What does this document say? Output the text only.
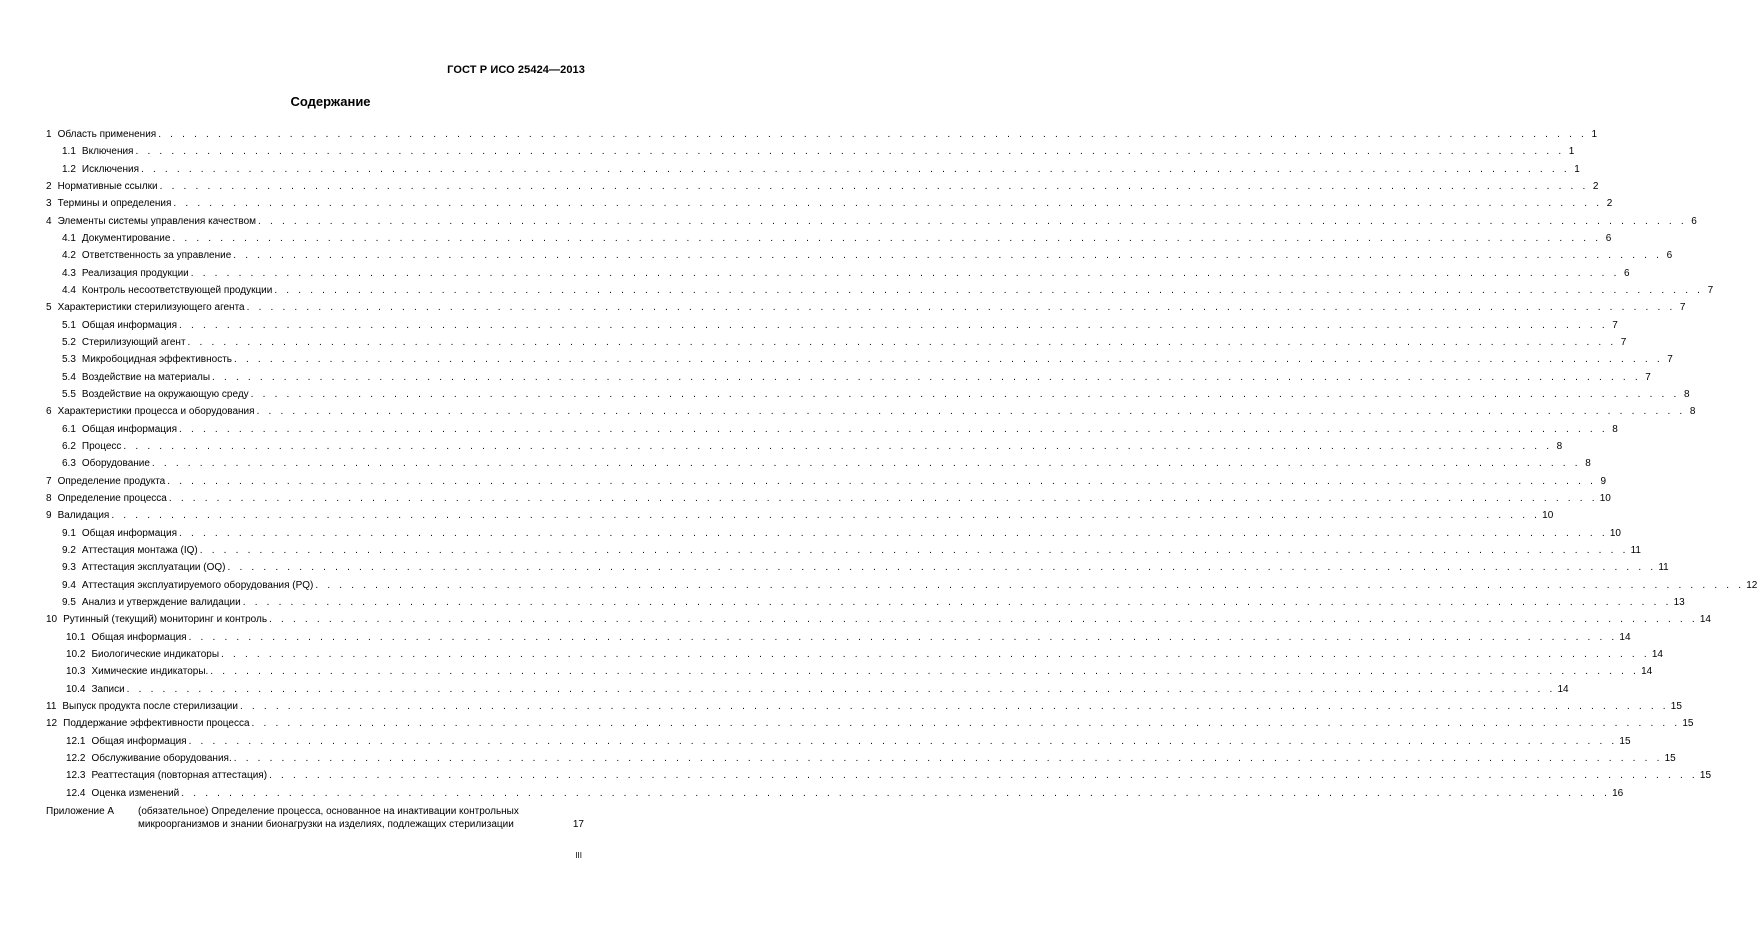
ГОСТ Р ИСО 25424—2013
Содержание
1 Область применения . . . . . . . . . . . . . . . . . . . . . . . . . . . . . . . . . . . . . . . . . . . . . . . . . . . . . . . . . . . . . . . . . . . . . . . . . . . . . . . . . . . . . . . . . . . . . . . . . . . . . . . . . . . . . . . . . . . . . . . . 1
1.1 Включения . . . . . . . . . . . . . . . . . . . . . . . . . . . . . . . . . . . . . . . . . . . . . . . . . . . . . . . . . . . . . . . . . . . . . . . . . . . . . . . . . . . . . . . . . . . . . . . . . . . . . . . . . . . . . . . . . . . . . . . . 1
1.2 Исключения . . . . . . . . . . . . . . . . . . . . . . . . . . . . . . . . . . . . . . . . . . . . . . . . . . . . . . . . . . . . . . . . . . . . . . . . . . . . . . . . . . . . . . . . . . . . . . . . . . . . . . . . . . . . . . . . . . . . . . . . 1
2 Нормативные ссылки . . . . . . . . . . . . . . . . . . . . . . . . . . . . . . . . . . . . . . . . . . . . . . . . . . . . . . . . . . . . . . . . . . . . . . . . . . . . . . . . . . . . . . . . . . . . . . . . . . . . . . . . . . . . . . . . . . . . . . . . 2
3 Термины и определения . . . . . . . . . . . . . . . . . . . . . . . . . . . . . . . . . . . . . . . . . . . . . . . . . . . . . . . . . . . . . . . . . . . . . . . . . . . . . . . . . . . . . . . . . . . . . . . . . . . . . . . . . . . . . . . . . . . . . . . . 2
4 Элементы системы управления качеством . . . . . . . . . . . . . . . . . . . . . . . . . . . . . . . . . . . . . . . . . . . . . . . . . . . . . . . . . . . . . . . . . . . . . . . . . . . . . . . . . . . . . . . . . . . . . . . . . . . . . . . . . . . . . . . . . . . . . . . . 6
4.1 Документирование . . . . . . . . . . . . . . . . . . . . . . . . . . . . . . . . . . . . . . . . . . . . . . . . . . . . . . . . . . . . . . . . . . . . . . . . . . . . . . . . . . . . . . . . . . . . . . . . . . . . . . . . . . . . . . . . . . . . . . . . 6
4.2 Ответственность за управление . . . . . . . . . . . . . . . . . . . . . . . . . . . . . . . . . . . . . . . . . . . . . . . . . . . . . . . . . . . . . . . . . . . . . . . . . . . . . . . . . . . . . . . . . . . . . . . . . . . . . . . . . . . . . . . . . . . . . . . . 6
4.3 Реализация продукции . . . . . . . . . . . . . . . . . . . . . . . . . . . . . . . . . . . . . . . . . . . . . . . . . . . . . . . . . . . . . . . . . . . . . . . . . . . . . . . . . . . . . . . . . . . . . . . . . . . . . . . . . . . . . . . . . . . . . . . . 6
4.4 Контроль несоответствующей продукции . . . . . . . . . . . . . . . . . . . . . . . . . . . . . . . . . . . . . . . . . . . . . . . . . . . . . . . . . . . . . . . . . . . . . . . . . . . . . . . . . . . . . . . . . . . . . . . . . . . . . . . . . . . . . . . . . . . . . . . . 7
5 Характеристики стерилизующего агента . . . . . . . . . . . . . . . . . . . . . . . . . . . . . . . . . . . . . . . . . . . . . . . . . . . . . . . . . . . . . . . . . . . . . . . . . . . . . . . . . . . . . . . . . . . . . . . . . . . . . . . . . . . . . . . . . . . . . . . . 7
5.1 Общая информация . . . . . . . . . . . . . . . . . . . . . . . . . . . . . . . . . . . . . . . . . . . . . . . . . . . . . . . . . . . . . . . . . . . . . . . . . . . . . . . . . . . . . . . . . . . . . . . . . . . . . . . . . . . . . . . . . . . . . . . . 7
5.2 Стерилизующий агент . . . . . . . . . . . . . . . . . . . . . . . . . . . . . . . . . . . . . . . . . . . . . . . . . . . . . . . . . . . . . . . . . . . . . . . . . . . . . . . . . . . . . . . . . . . . . . . . . . . . . . . . . . . . . . . . . . . . . . . . 7
5.3 Микробоцидная эффективность . . . . . . . . . . . . . . . . . . . . . . . . . . . . . . . . . . . . . . . . . . . . . . . . . . . . . . . . . . . . . . . . . . . . . . . . . . . . . . . . . . . . . . . . . . . . . . . . . . . . . . . . . . . . . . . . . . . . . . . . 7
5.4 Воздействие на материалы . . . . . . . . . . . . . . . . . . . . . . . . . . . . . . . . . . . . . . . . . . . . . . . . . . . . . . . . . . . . . . . . . . . . . . . . . . . . . . . . . . . . . . . . . . . . . . . . . . . . . . . . . . . . . . . . . . . . . . . . 7
5.5 Воздействие на окружающую среду . . . . . . . . . . . . . . . . . . . . . . . . . . . . . . . . . . . . . . . . . . . . . . . . . . . . . . . . . . . . . . . . . . . . . . . . . . . . . . . . . . . . . . . . . . . . . . . . . . . . . . . . . . . . . . . . . . . . . . . . 8
6 Характеристики процесса и оборудования . . . . . . . . . . . . . . . . . . . . . . . . . . . . . . . . . . . . . . . . . . . . . . . . . . . . . . . . . . . . . . . . . . . . . . . . . . . . . . . . . . . . . . . . . . . . . . . . . . . . . . . . . . . . . . . . . . . . . . . . 8
6.1 Общая информация . . . . . . . . . . . . . . . . . . . . . . . . . . . . . . . . . . . . . . . . . . . . . . . . . . . . . . . . . . . . . . . . . . . . . . . . . . . . . . . . . . . . . . . . . . . . . . . . . . . . . . . . . . . . . . . . . . . . . . . . 8
6.2 Процесс . . . . . . . . . . . . . . . . . . . . . . . . . . . . . . . . . . . . . . . . . . . . . . . . . . . . . . . . . . . . . . . . . . . . . . . . . . . . . . . . . . . . . . . . . . . . . . . . . . . . . . . . . . . . . . . . . . . . . . . . 8
6.3 Оборудование . . . . . . . . . . . . . . . . . . . . . . . . . . . . . . . . . . . . . . . . . . . . . . . . . . . . . . . . . . . . . . . . . . . . . . . . . . . . . . . . . . . . . . . . . . . . . . . . . . . . . . . . . . . . . . . . . . . . . . . . 8
7 Определение продукта . . . . . . . . . . . . . . . . . . . . . . . . . . . . . . . . . . . . . . . . . . . . . . . . . . . . . . . . . . . . . . . . . . . . . . . . . . . . . . . . . . . . . . . . . . . . . . . . . . . . . . . . . . . . . . . . . . . . . . . . 9
8 Определение процесса . . . . . . . . . . . . . . . . . . . . . . . . . . . . . . . . . . . . . . . . . . . . . . . . . . . . . . . . . . . . . . . . . . . . . . . . . . . . . . . . . . . . . . . . . . . . . . . . . . . . . . . . . . . . . . . . . . . . . . . . 10
9 Валидация . . . . . . . . . . . . . . . . . . . . . . . . . . . . . . . . . . . . . . . . . . . . . . . . . . . . . . . . . . . . . . . . . . . . . . . . . . . . . . . . . . . . . . . . . . . . . . . . . . . . . . . . . . . . . . . . . . . . . . . . 10
9.1 Общая информация . . . . . . . . . . . . . . . . . . . . . . . . . . . . . . . . . . . . . . . . . . . . . . . . . . . . . . . . . . . . . . . . . . . . . . . . . . . . . . . . . . . . . . . . . . . . . . . . . . . . . . . . . . . . . . . . . . . . . . . . 10
9.2 Аттестация монтажа (IQ) . . . . . . . . . . . . . . . . . . . . . . . . . . . . . . . . . . . . . . . . . . . . . . . . . . . . . . . . . . . . . . . . . . . . . . . . . . . . . . . . . . . . . . . . . . . . . . . . . . . . . . . . . . . . . . . . . . . . . . . . 11
9.3 Аттестация эксплуатации (OQ) . . . . . . . . . . . . . . . . . . . . . . . . . . . . . . . . . . . . . . . . . . . . . . . . . . . . . . . . . . . . . . . . . . . . . . . . . . . . . . . . . . . . . . . . . . . . . . . . . . . . . . . . . . . . . . . . . . . . . . . . 11
9.4 Аттестация эксплуатируемого оборудования (PQ) . . . . . . . . . . . . . . . . . . . . . . . . . . . . . . . . . . . . . . . . . . . . . . . . . . . . . . . . . . . . . . . . . . . . . . . . . . . . . . . . . . . . . . . . . . . . . . . . . . . . . . . . . . . . . . . . . . . . . . . . 12
9.5 Анализ и утверждение валидации . . . . . . . . . . . . . . . . . . . . . . . . . . . . . . . . . . . . . . . . . . . . . . . . . . . . . . . . . . . . . . . . . . . . . . . . . . . . . . . . . . . . . . . . . . . . . . . . . . . . . . . . . . . . . . . . . . . . . . . . 13
10 Рутинный (текущий) мониторинг и контроль . . . . . . . . . . . . . . . . . . . . . . . . . . . . . . . . . . . . . . . . . . . . . . . . . . . . . . . . . . . . . . . . . . . . . . . . . . . . . . . . . . . . . . . . . . . . . . . . . . . . . . . . . . . . . . . . . . . . . . . . 14
10.1 Общая информация . . . . . . . . . . . . . . . . . . . . . . . . . . . . . . . . . . . . . . . . . . . . . . . . . . . . . . . . . . . . . . . . . . . . . . . . . . . . . . . . . . . . . . . . . . . . . . . . . . . . . . . . . . . . . . . . . . . . . . . . 14
10.2 Биологические индикаторы . . . . . . . . . . . . . . . . . . . . . . . . . . . . . . . . . . . . . . . . . . . . . . . . . . . . . . . . . . . . . . . . . . . . . . . . . . . . . . . . . . . . . . . . . . . . . . . . . . . . . . . . . . . . . . . . . . . . . . . . 14
10.3 Химические индикаторы. . . . . . . . . . . . . . . . . . . . . . . . . . . . . . . . . . . . . . . . . . . . . . . . . . . . . . . . . . . . . . . . . . . . . . . . . . . . . . . . . . . . . . . . . . . . . . . . . . . . . . . . . . . . . . . . . . . . . . . . . 14
10.4 Записи . . . . . . . . . . . . . . . . . . . . . . . . . . . . . . . . . . . . . . . . . . . . . . . . . . . . . . . . . . . . . . . . . . . . . . . . . . . . . . . . . . . . . . . . . . . . . . . . . . . . . . . . . . . . . . . . . . . . . . . . 14
11 Выпуск продукта после стерилизации . . . . . . . . . . . . . . . . . . . . . . . . . . . . . . . . . . . . . . . . . . . . . . . . . . . . . . . . . . . . . . . . . . . . . . . . . . . . . . . . . . . . . . . . . . . . . . . . . . . . . . . . . . . . . . . . . . . . . . . . 15
12 Поддержание эффективности процесса . . . . . . . . . . . . . . . . . . . . . . . . . . . . . . . . . . . . . . . . . . . . . . . . . . . . . . . . . . . . . . . . . . . . . . . . . . . . . . . . . . . . . . . . . . . . . . . . . . . . . . . . . . . . . . . . . . . . . . . . 15
12.1 Общая информация . . . . . . . . . . . . . . . . . . . . . . . . . . . . . . . . . . . . . . . . . . . . . . . . . . . . . . . . . . . . . . . . . . . . . . . . . . . . . . . . . . . . . . . . . . . . . . . . . . . . . . . . . . . . . . . . . . . . . . . . 15
12.2 Обслуживание оборудования. . . . . . . . . . . . . . . . . . . . . . . . . . . . . . . . . . . . . . . . . . . . . . . . . . . . . . . . . . . . . . . . . . . . . . . . . . . . . . . . . . . . . . . . . . . . . . . . . . . . . . . . . . . . . . . . . . . . . . . . . 15
12.3 Реаттестация (повторная аттестация) . . . . . . . . . . . . . . . . . . . . . . . . . . . . . . . . . . . . . . . . . . . . . . . . . . . . . . . . . . . . . . . . . . . . . . . . . . . . . . . . . . . . . . . . . . . . . . . . . . . . . . . . . . . . . . . . . . . . . . . . 15
12.4 Оценка изменений . . . . . . . . . . . . . . . . . . . . . . . . . . . . . . . . . . . . . . . . . . . . . . . . . . . . . . . . . . . . . . . . . . . . . . . . . . . . . . . . . . . . . . . . . . . . . . . . . . . . . . . . . . . . . . . . . . . . . . . . 16
Приложение А	(обязательное) Определение процесса, основанное на инактивации контрольных
микроорганизмов и знании бионагрузки на изделиях, подлежащих стерилизации	17
III
